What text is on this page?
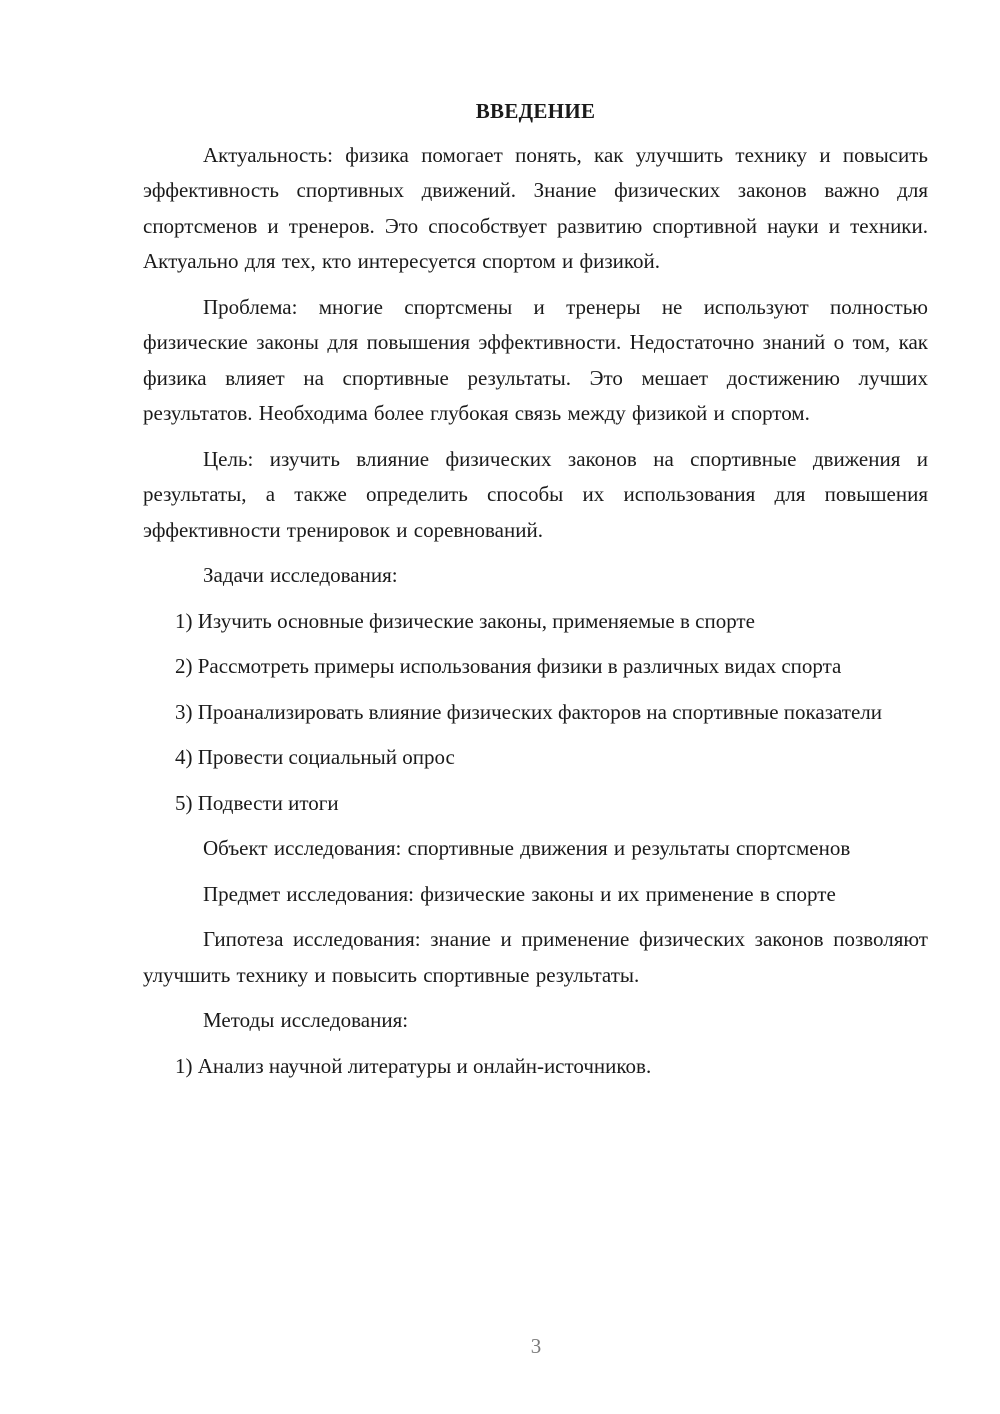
ВВЕДЕНИЕ

Актуальность: физика помогает понять, как улучшить технику и повысить эффективность спортивных движений. Знание физических законов важно для спортсменов и тренеров. Это способствует развитию спортивной науки и техники. Актуально для тех, кто интересуется спортом и физикой.

Проблема: многие спортсмены и тренеры не используют полностью физические законы для повышения эффективности. Недостаточно знаний о том, как физика влияет на спортивные результаты. Это мешает достижению лучших результатов. Необходима более глубокая связь между физикой и спортом.

Цель: изучить влияние физических законов на спортивные движения и результаты, а также определить способы их использования для повышения эффективности тренировок и соревнований.

Задачи исследования:

1) Изучить основные физические законы, применяемые в спорте

2) Рассмотреть примеры использования физики в различных видах спорта

3) Проанализировать влияние физических факторов на спортивные показатели

4) Провести социальный опрос

5) Подвести итоги

Объект исследования: спортивные движения и результаты спортсменов

Предмет исследования: физические законы и их применение в спорте

Гипотеза исследования: знание и применение физических законов позволяют улучшить технику и повысить спортивные результаты.

Методы исследования:

1) Анализ научной литературы и онлайн-источников.

3
